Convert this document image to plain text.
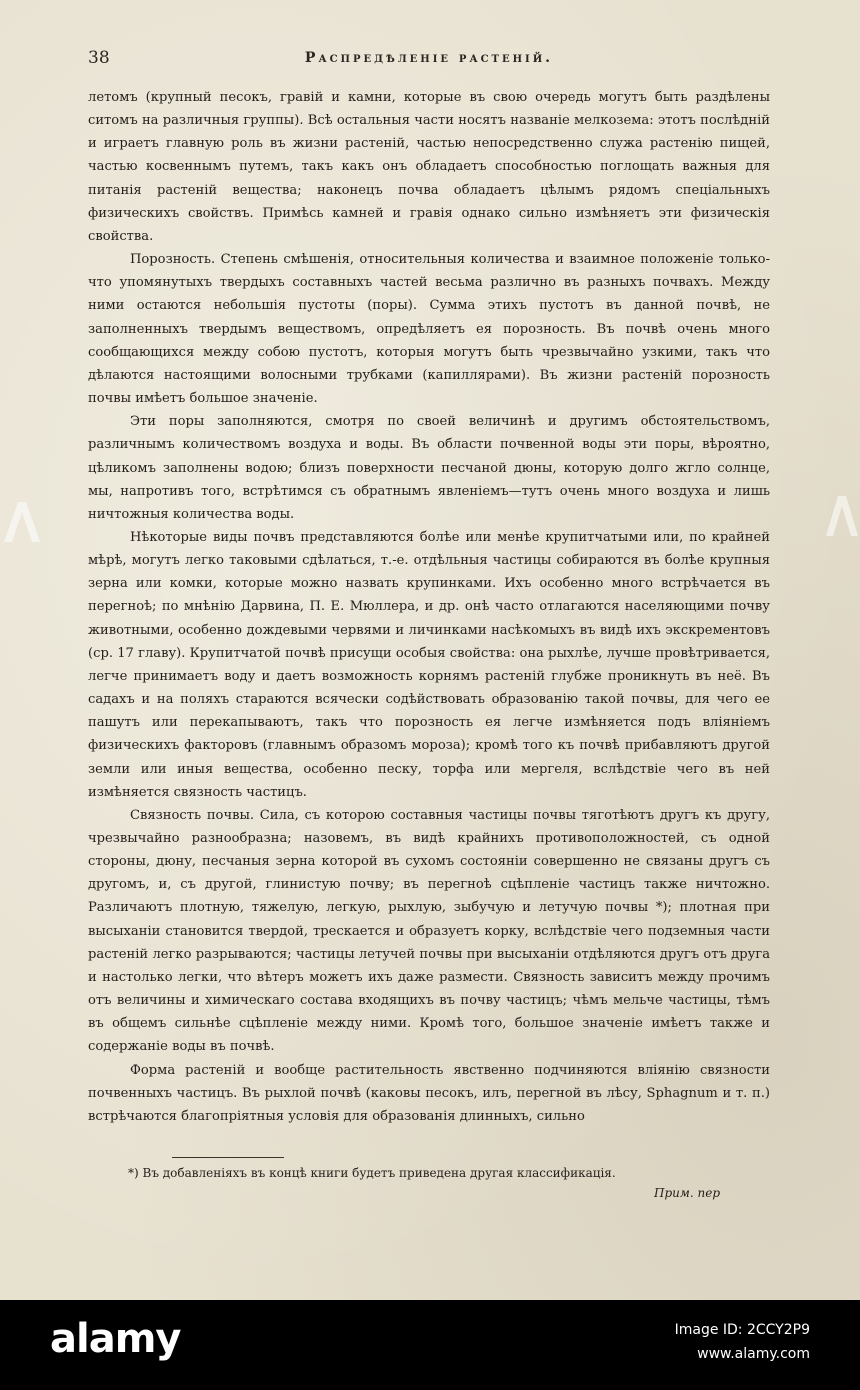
38	Распредѣленіе растеній.

летомъ (крупный песокъ, гравій и камни, которые въ свою очередь могутъ быть раздѣлены ситомъ на различныя группы). Всѣ остальныя части носятъ названіе мелкозема: этотъ послѣдній и играетъ главную роль въ жизни растеній, частью непосредственно служа растенію пищей, частью косвеннымъ путемъ, такъ какъ онъ обладаетъ способностью поглощать важныя для питанія растеній вещества; наконецъ почва обладаетъ цѣлымъ рядомъ спеціальныхъ физическихъ свойствъ. Примѣсь камней и гравія однако сильно измѣняетъ эти физическія свойства.

Порозность. Степень смѣшенія, относительныя количества и взаимное положеніе только-что упомянутыхъ твердыхъ составныхъ частей весьма различно въ разныхъ почвахъ. Между ними остаются небольшія пустоты (поры). Сумма этихъ пустотъ въ данной почвѣ, не заполненныхъ твердымъ веществомъ, опредѣляетъ ея порозность. Въ почвѣ очень много сообщающихся между собою пустотъ, которыя могутъ быть чрезвычайно узкими, такъ что дѣлаются настоящими волосными трубками (капиллярами). Въ жизни растеній порозность почвы имѣетъ большое значеніе.

Эти поры заполняются, смотря по своей величинѣ и другимъ обстоятельствомъ, различнымъ количествомъ воздуха и воды. Въ области почвенной воды эти поры, вѣроятно, цѣликомъ заполнены водою; близъ поверхности песчаной дюны, которую долго жгло солнце, мы, напротивъ того, встрѣтимся съ обратнымъ явленіемъ—тутъ очень много воздуха и лишь ничтожныя количества воды.

Нѣкоторые виды почвъ представляются болѣе или менѣе крупитчатыми или, по крайней мѣрѣ, могутъ легко таковыми сдѣлаться, т.-е. отдѣльныя частицы собираются въ болѣе крупныя зерна или комки, которые можно назвать крупинками. Ихъ особенно много встрѣчается въ перегноѣ; по мнѣнію Дарвина, П. Е. Мюллера, и др. онѣ часто отлагаются населяющими почву животными, особенно дождевыми червями и личинками насѣкомыхъ въ видѣ ихъ экскрементовъ (ср. 17 главу). Крупитчатой почвѣ присущи особыя свойства: она рыхлѣе, лучше провѣтривается, легче принимаетъ воду и даетъ возможность корнямъ растеній глубже проникнуть въ неё. Въ садахъ и на поляхъ стараются всячески содѣйствовать образованію такой почвы, для чего ее пашутъ или перекапываютъ, такъ что порозность ея легче измѣняется подъ вліяніемъ физическихъ факторовъ (главнымъ образомъ мороза); кромѣ того къ почвѣ прибавляютъ другой земли или иныя вещества, особенно песку, торфа или мергеля, вслѣдствіе чего въ ней измѣняется связность частицъ.

Связность почвы. Сила, съ которою составныя частицы почвы тяготѣютъ другъ къ другу, чрезвычайно разнообразна; назовемъ, въ видѣ крайнихъ противоположностей, съ одной стороны, дюну, песчаныя зерна которой въ сухомъ состояніи совершенно не связаны другъ съ другомъ, и, съ другой, глинистую почву; въ перегноѣ сцѣпленіе частицъ также ничтожно. Различаютъ плотную, тяжелую, легкую, рыхлую, зыбучую и летучую почвы *); плотная при высыханіи становится твердой, трескается и образуетъ корку, вслѣдствіе чего подземныя части растеній легко разрываются; частицы летучей почвы при высыханіи отдѣляются другъ отъ друга и настолько легки, что вѣтеръ можетъ ихъ даже размести. Связность зависитъ между прочимъ отъ величины и химическаго состава входящихъ въ почву частицъ; чѣмъ мельче частицы, тѣмъ въ общемъ сильнѣе сцѣпленіе между ними. Кромѣ того, большое значеніе имѣетъ также и содержаніе воды въ почвѣ.

Форма растеній и вообще растительность явственно подчиняются вліянію связности почвенныхъ частицъ. Въ рыхлой почвѣ (каковы песокъ, илъ, перегной въ лѣсу, Sphagnum и т. п.) встрѣчаются благопріятныя условія для образованія длинныхъ, сильно

*) Въ добавленіяхъ въ концѣ книги будетъ приведена другая классификація.
Прим. пер
alamy	Image ID: 2CCY2P9
www.alamy.com
